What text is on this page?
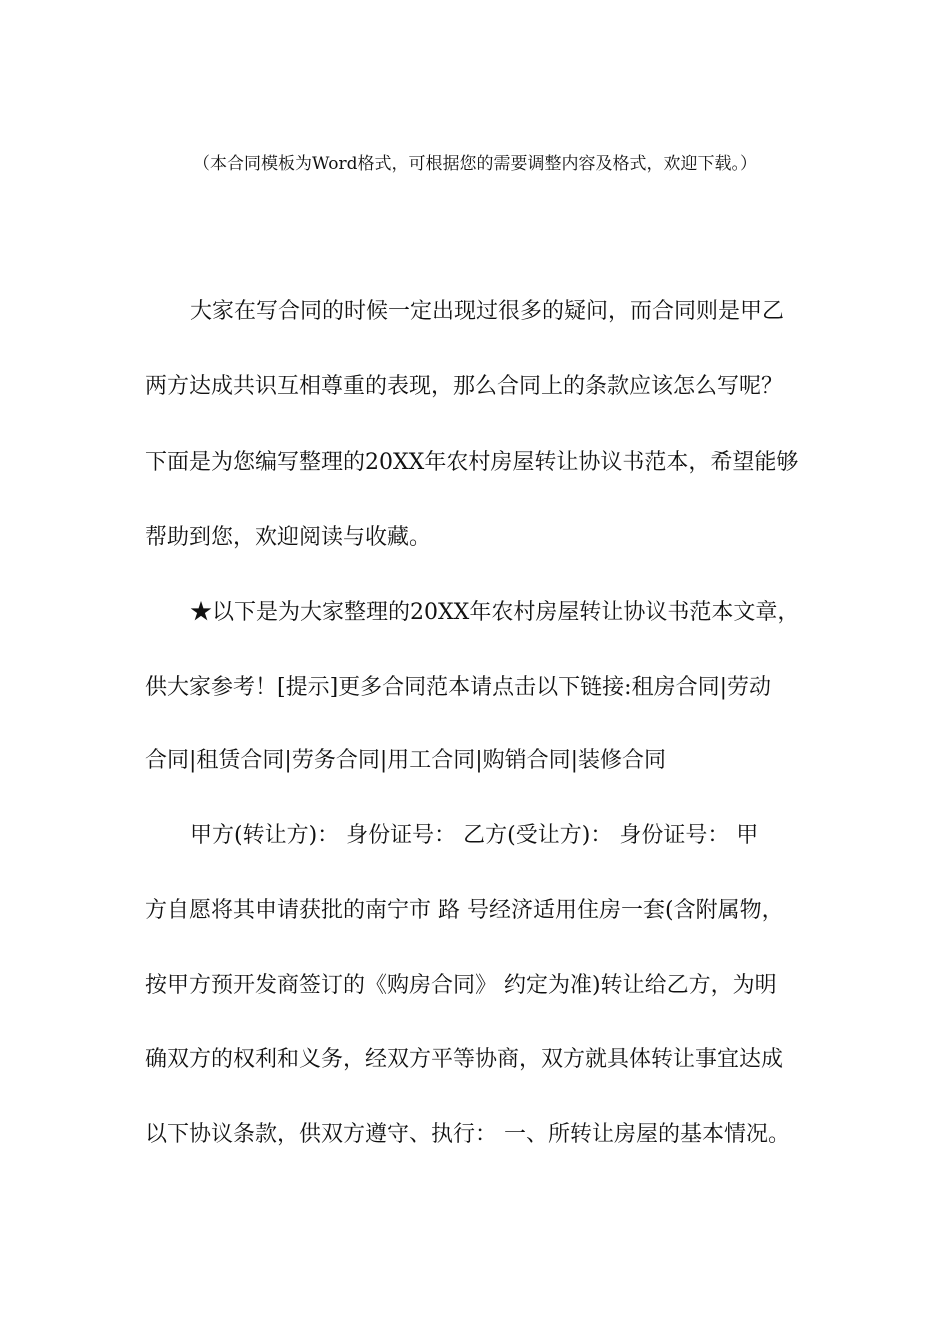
（本合同模板为Word格式，可根据您的需要调整内容及格式，欢迎下载。）
大家在写合同的时候一定出现过很多的疑问，而合同则是甲乙
两方达成共识互相尊重的表现，那么合同上的条款应该怎么写呢？
下面是为您编写整理的20XX年农村房屋转让协议书范本，希望能够
帮助到您，欢迎阅读与收藏。
★以下是为大家整理的20XX年农村房屋转让协议书范本文章，
供大家参考！[提示]更多合同范本请点击以下链接:租房合同|劳动
合同|租赁合同|劳务合同|用工合同|购销合同|装修合同
甲方(转让方)： 身份证号： 乙方(受让方)： 身份证号： 甲
方自愿将其申请获批的南宁市 路 号经济适用住房一套(含附属物，
按甲方预开发商签订的《购房合同》 约定为准)转让给乙方，为明
确双方的权利和义务，经双方平等协商，双方就具体转让事宜达成
以下协议条款，供双方遵守、执行： 一、所转让房屋的基本情况。
